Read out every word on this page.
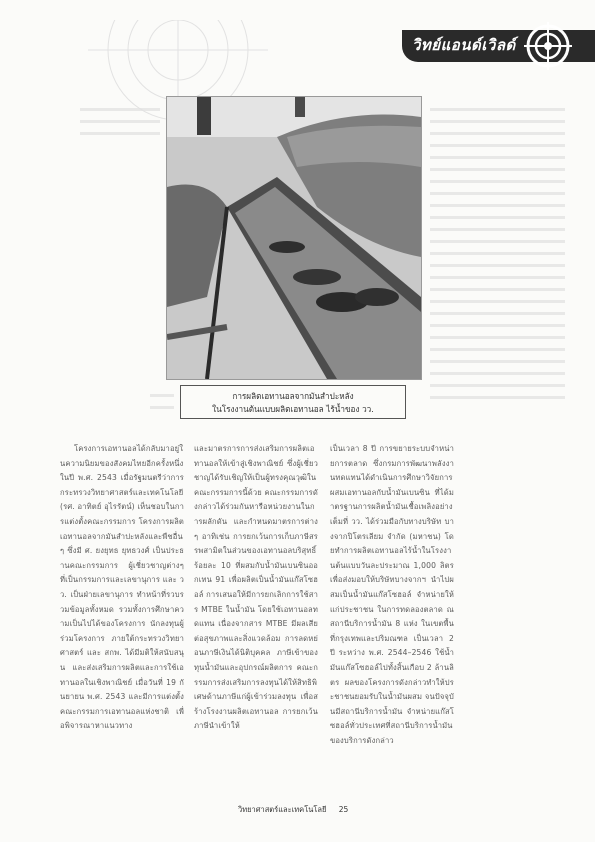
วิทย์แอนด์เวิลด์
การผลิตเอทานอลจากมันสำปะหลัง
ในโรงงานต้นแบบผลิตเอทานอล ไร้น้ำของ วว.

โครงการเอทานอลได้กลับมาอยู่ในความนิยมของสังคมไทยอีกครั้งหนึ่ง ในปี พ.ศ. 2543 เมื่อรัฐมนตรีว่าการกระทรวงวิทยาศาสตร์และเทคโนโลยี (รศ. อาทิตย์ อุไรรัตน์) เห็นชอบในการแต่งตั้งคณะกรรมการ โครงการผลิตเอทานอลจากมันสำปะหลังและพืชอื่นๆ ซึ่งมี ศ. ยงยุทธ ยุทธวงศ์ เป็นประธานคณะกรรมการ ผู้เชี่ยวชาญต่างๆ ที่เป็นกรรมการและเลขานุการ และ วว. เป็นฝ่ายเลขานุการ ทำหน้าที่รวบรวมข้อมูลทั้งหมด รวมทั้งการศึกษาความเป็นไปได้ของโครงการ นักลงทุนผู้ร่วมโครงการ ภายใต้กระทรวงวิทยาศาสตร์ และ สกพ. ได้มีมติให้สนับสนุน และส่งเสริมการผลิตและการใช้เอทานอลในเชิงพาณิชย์ เมื่อวันที่ 19 กันยายน พ.ศ. 2543 และมีการแต่งตั้งคณะกรรมการเอทานอลแห่งชาติ เพื่อพิจารณาหาแนวทาง

และมาตรการการส่งเสริมการผลิตเอทานอลให้เข้าสู่เชิงพาณิชย์ ซึ่งผู้เชี่ยวชาญได้รับเชิญให้เป็นผู้ทรงคุณวุฒิในคณะกรรมการนี้ด้วย คณะกรรมการดังกล่าวได้ร่วมกันหารือหน่วยงานในการผลักดัน และกำหนดมาตรการต่างๆ อาทิเช่น การยกเว้นการเก็บภาษีสรรพสามิตในส่วนของเอทานอลบริสุทธิ์ร้อยละ 10 ที่ผสมกับน้ำมันเบนซินออกเทน 91 เพื่อผลิตเป็นน้ำมันแก๊สโซฮอล์ การเสนอให้มีการยกเลิกการใช้สาร MTBE ในน้ำมัน โดยใช้เอทานอลทดแทน เนื่องจากสาร MTBE มีผลเสียต่อสุขภาพและสิ่งแวดล้อม การลดหย่อนภาษีเงินได้นิติบุคคล ภาษีเข้าของทุนน้ำมันและอุปกรณ์ผลิตการ คณะกรรมการส่งเสริมการลงทุนได้ให้สิทธิพิเศษด้านภาษีแก่ผู้เข้าร่วมลงทุน เพื่อสร้างโรงงานผลิตเอทานอล การยกเว้นภาษีนำเข้าให้

เป็นเวลา 8 ปี การขยายระบบจำหน่ายการตลาด ซึ่งกรมการพัฒนาพลังงานทดแทนได้ดำเนินการศึกษาวิจัยการผสมเอทานอลกับน้ำมันเบนซิน ที่ได้มาตรฐานการผลิตน้ำมันเชื้อเพลิงอย่างเต็มที่ วว. ได้ร่วมมือกับทางบริษัท บางจากปิโตรเลียม จำกัด (มหาชน) โดยทำการผลิตเอทานอลไร้น้ำในโรงงานต้นแบบวันละประมาณ 1,000 ลิตร เพื่อส่งมอบให้บริษัทบางจากฯ นำไปผสมเป็นน้ำมันแก๊สโซฮอล์ จำหน่ายให้แก่ประชาชน ในการทดลองตลาด ณ สถานีบริการน้ำมัน 8 แห่ง ในเขตพื้นที่กรุงเทพและปริมณฑล เป็นเวลา 2 ปี ระหว่าง พ.ศ. 2544–2546 ใช้น้ำมันแก๊สโซฮอล์ไปทั้งสิ้นเกือบ 2 ล้านลิตร ผลของโครงการดังกล่าวทำให้ประชาชนยอมรับในน้ำมันผสม จนปัจจุบันมีสถานีบริการน้ำมัน จำหน่ายแก๊สโซฮอล์ทั่วประเทศที่สถานีบริการน้ำมัน ของบริการดังกล่าว

วิทยาศาสตร์และเทคโนโลยี 25
